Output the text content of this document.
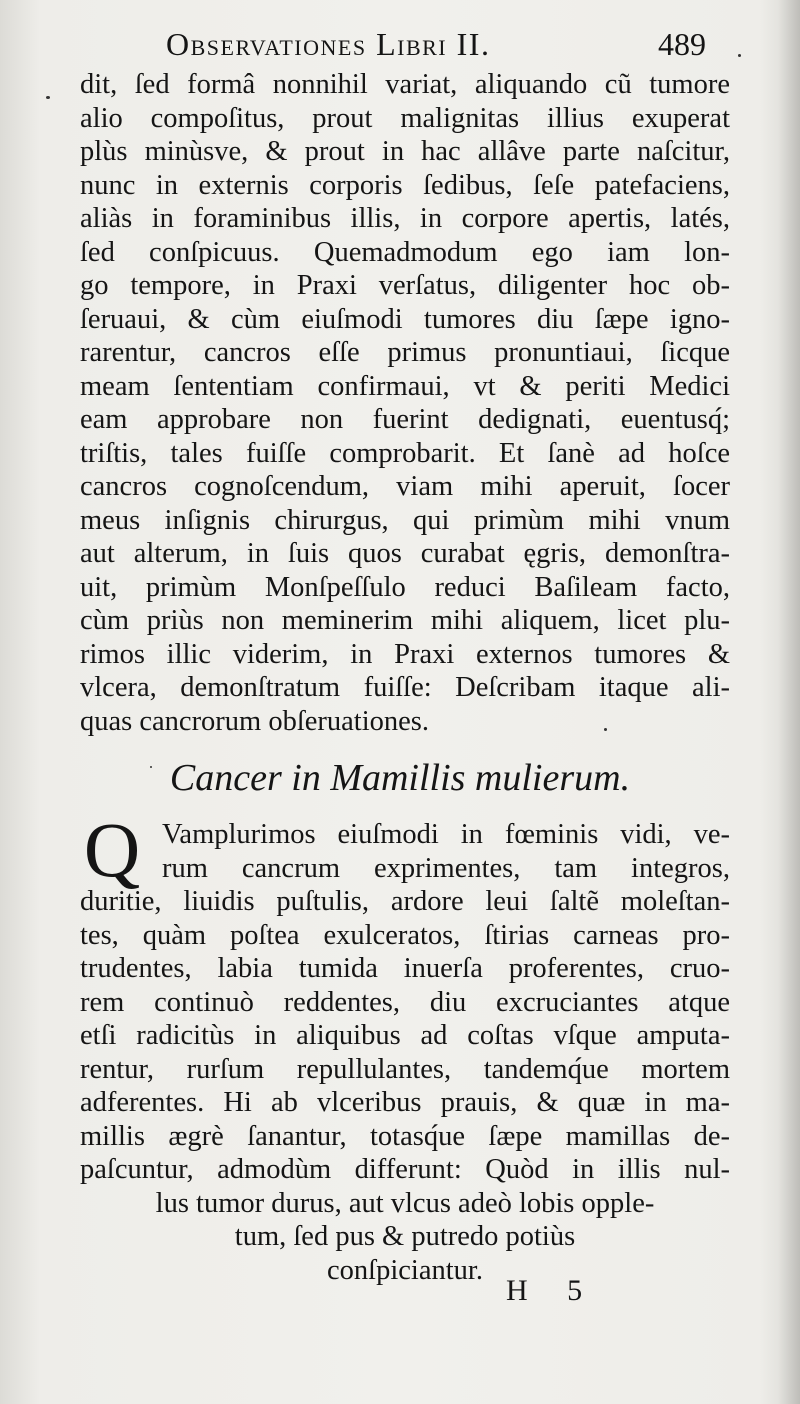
Observationes Libri II.	489
dit, ſed formâ nonnihil variat, aliquando cũ tumore
alio compoſitus, prout malignitas illius exuperat
plùs minùsve, & prout in hac allâve parte naſcitur,
nunc in externis corporis ſedibus, ſeſe patefaciens,
aliàs in foraminibus illis, in corpore apertis, latés,
ſed conſpicuus. Quemadmodum ego iam lon-
go tempore, in Praxi verſatus, diligenter hoc ob-
ſeruaui, & cùm eiuſmodi tumores diu ſæpe igno-
rarentur, cancros eſſe primus pronuntiaui, ſicque
meam ſententiam confirmaui, vt & periti Medici
eam approbare non fuerint dedignati, euentusq́;
triſtis, tales fuiſſe comprobarit. Et ſanè ad hoſce
cancros cognoſcendum, viam mihi aperuit, ſocer
meus inſignis chirurgus, qui primùm mihi vnum
aut alterum, in ſuis quos curabat ęgris, demonſtra-
uit, primùm Monſpeſſulo reduci Baſileam facto,
cùm priùs non meminerim mihi aliquem, licet plu-
rimos illic viderim, in Praxi externos tumores &
vlcera, demonſtratum fuiſſe: Deſcribam itaque ali-
quas cancrorum obſeruationes.
Cancer in Mamillis mulierum.
Q Vamplurimos eiuſmodi in fœminis vidi, ve-
rum cancrum exprimentes, tam integros,
duritie, liuidis puſtulis, ardore leui ſaltẽ moleſtan-
tes, quàm poſtea exulceratos, ſtirias carneas pro-
trudentes, labia tumida inuerſa proferentes, cruo-
rem continuò reddentes, diu excruciantes atque
etſi radicitùs in aliquibus ad coſtas vſque amputa-
rentur, rurſum repullulantes, tandemq́ue mortem
adferentes. Hi ab vlceribus prauis, & quæ in ma-
millis ægrè ſanantur, totasq́ue ſæpe mamillas de-
paſcuntur, admodùm differunt: Quòd in illis nul-
lus tumor durus, aut vlcus adeò lobis opple-
tum, ſed pus & putredo potiùs
conſpiciantur.
H 5
